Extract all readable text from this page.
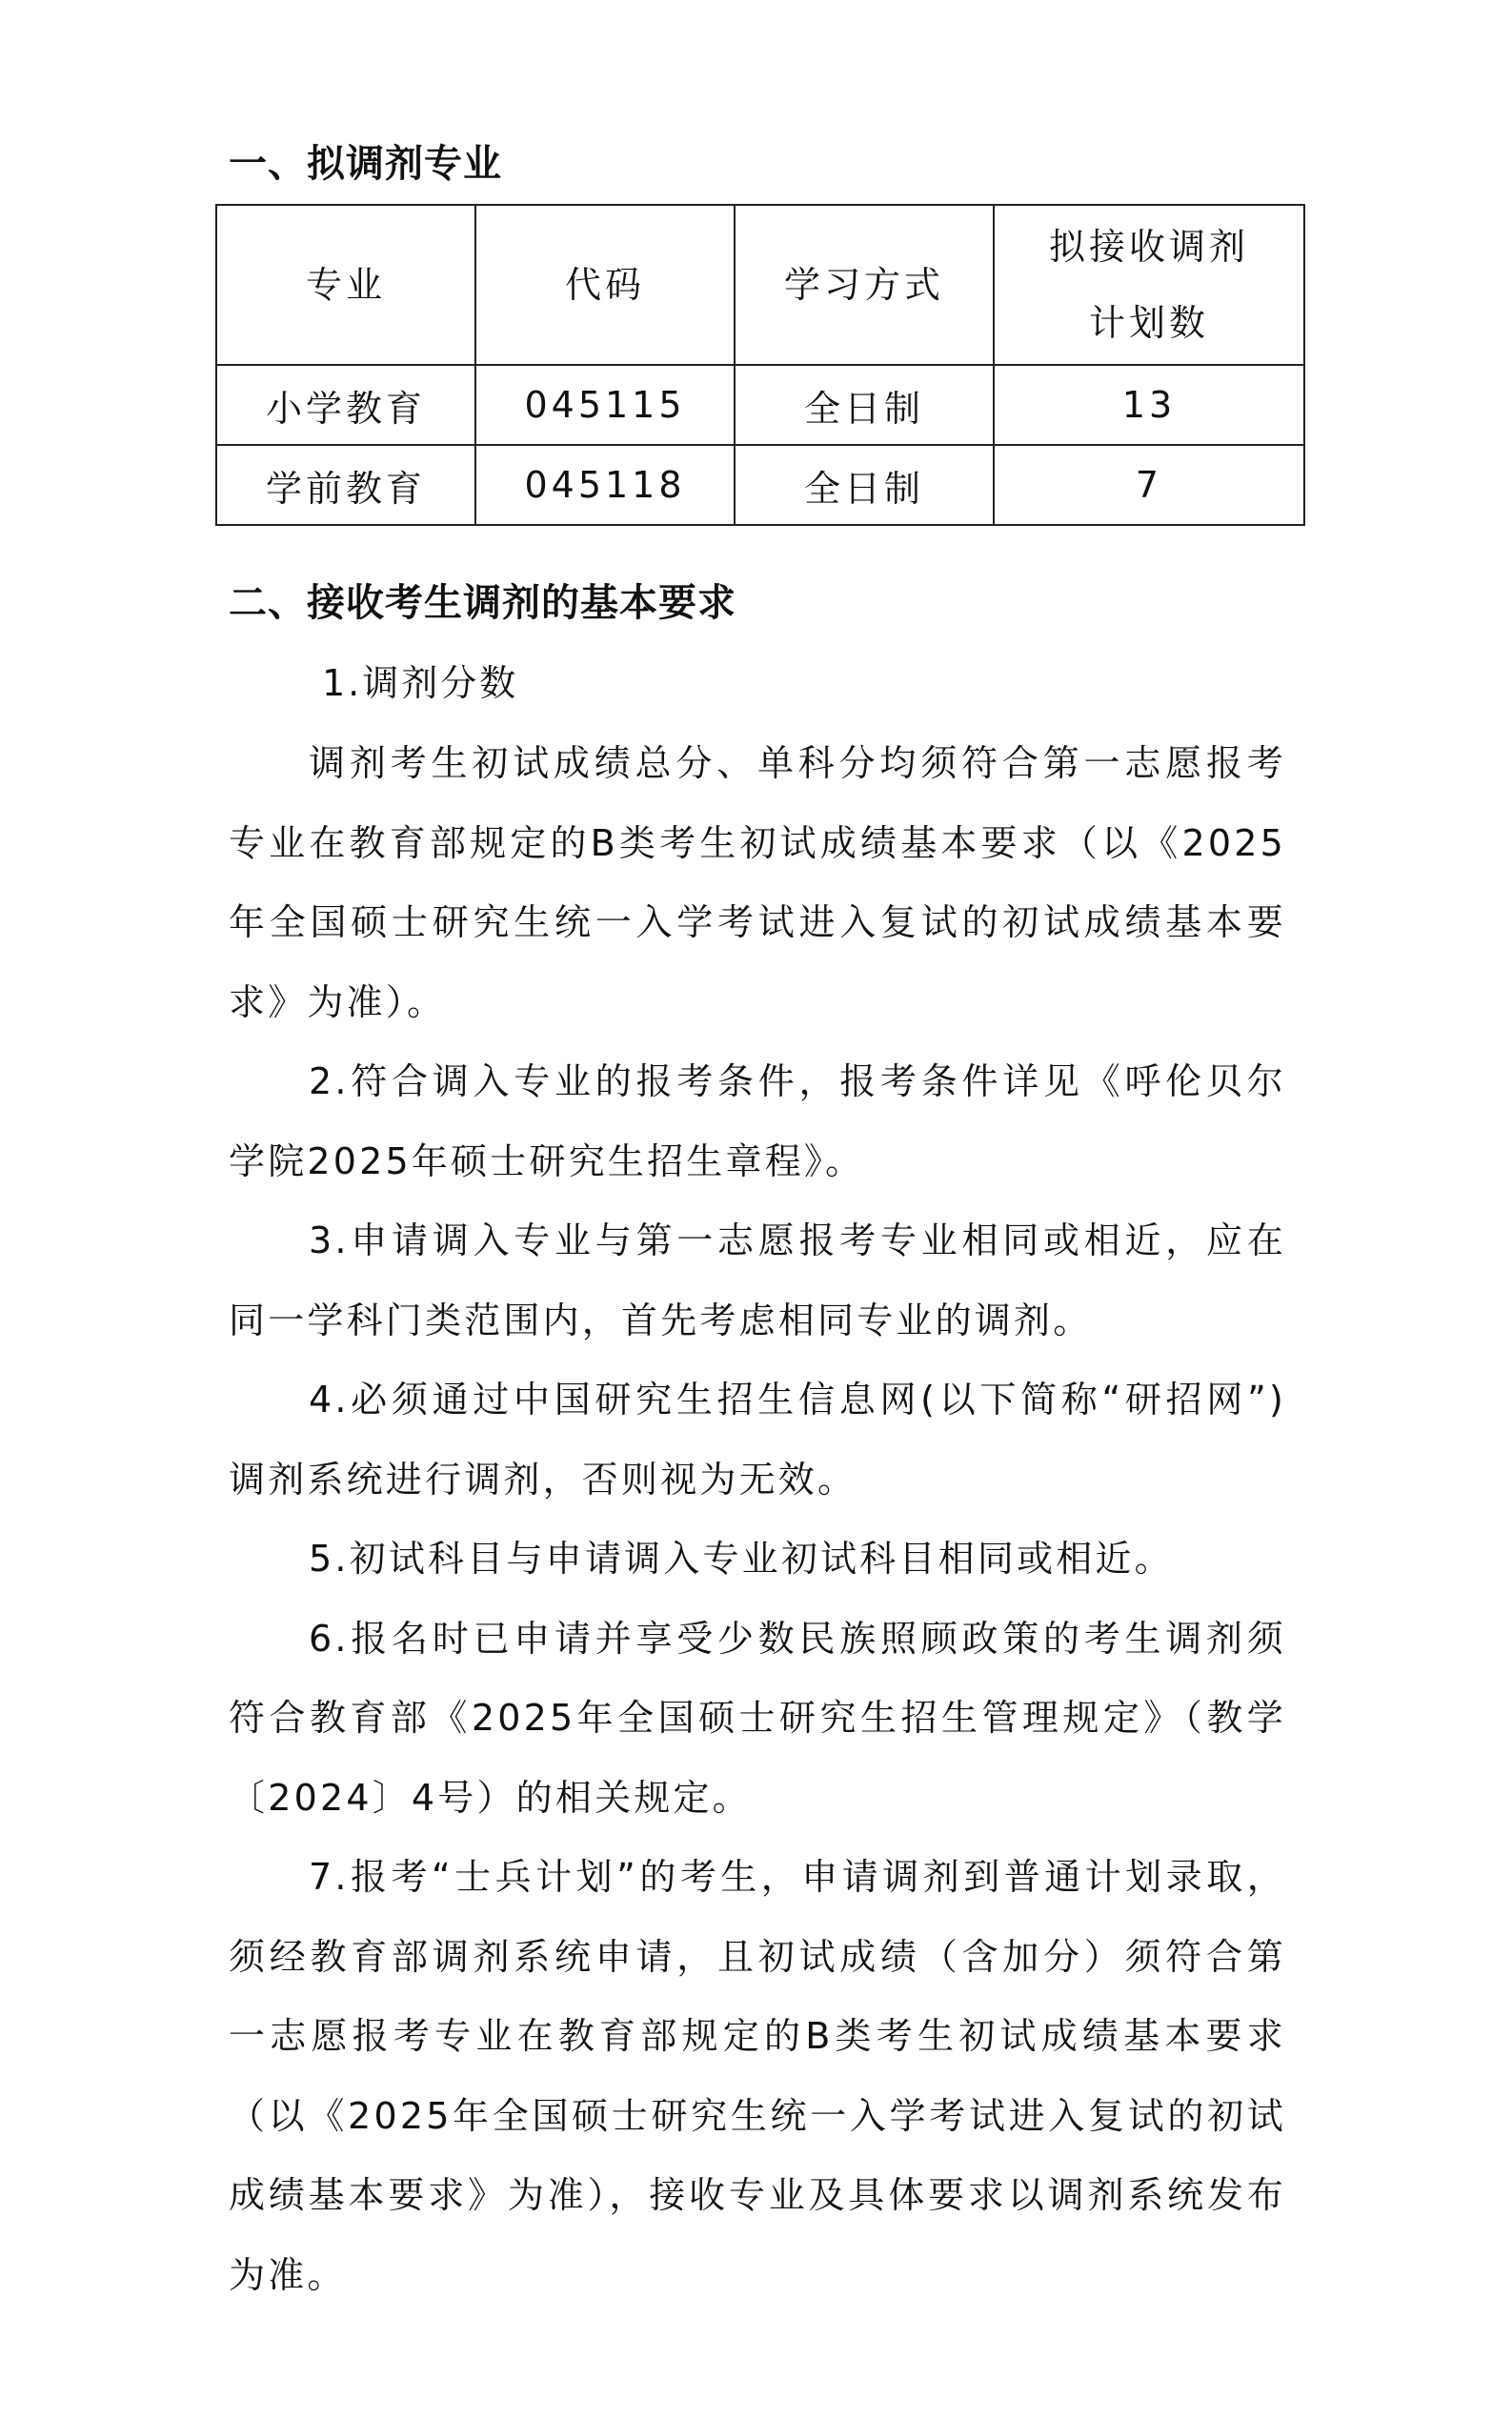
一、拟调剂专业
专业	代码	学习方式	拟接收调剂计划数
小学教育	045115	全日制	13
学前教育	045118	全日制	7
二、接收考生调剂的基本要求
1.调剂分数

调剂考生初试成绩总分、单科分均须符合第一志愿报考专业在教育部规定的B类考生初试成绩基本要求（以《2025年全国硕士研究生统一入学考试进入复试的初试成绩基本要求》为准）。

2.符合调入专业的报考条件，报考条件详见《呼伦贝尔学院2025年硕士研究生招生章程》。

3.申请调入专业与第一志愿报考专业相同或相近，应在同一学科门类范围内，首先考虑相同专业的调剂。

4.必须通过中国研究生招生信息网(以下简称“研招网”)调剂系统进行调剂，否则视为无效。

5.初试科目与申请调入专业初试科目相同或相近。

6.报名时已申请并享受少数民族照顾政策的考生调剂须符合教育部《2025年全国硕士研究生招生管理规定》（教学〔2024〕4号）的相关规定。

7.报考“士兵计划”的考生，申请调剂到普通计划录取，须经教育部调剂系统申请，且初试成绩（含加分）须符合第一志愿报考专业在教育部规定的B类考生初试成绩基本要求（以《2025年全国硕士研究生统一入学考试进入复试的初试成绩基本要求》为准），接收专业及具体要求以调剂系统发布为准。
